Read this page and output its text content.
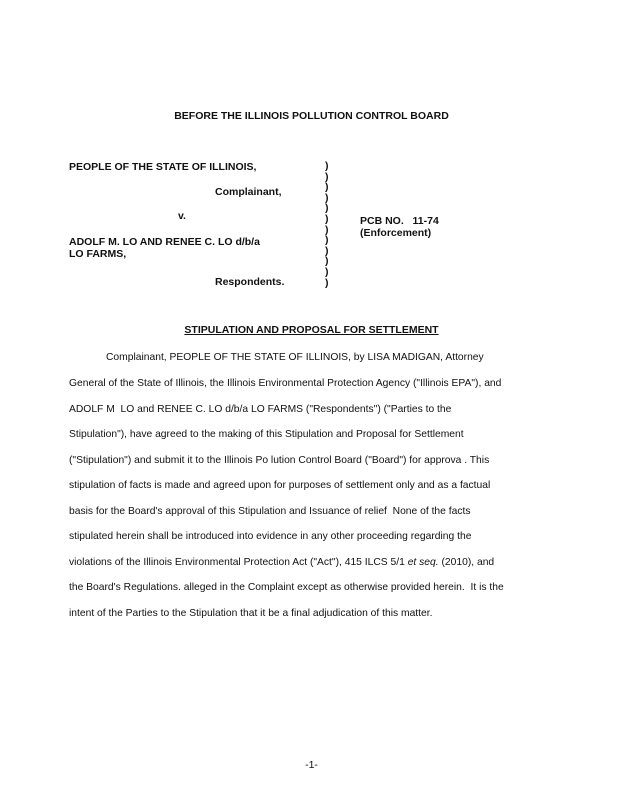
BEFORE THE ILLINOIS POLLUTION CONTROL BOARD
PEOPLE OF THE STATE OF ILLINOIS,
Complainant,
v.
ADOLF M. LO AND RENEE C. LO d/b/a
LO FARMS,
Respondents.
)
)
)
)
)
)
)
)
)
)
)
)
PCB NO.   11-74
(Enforcement)
STIPULATION AND PROPOSAL FOR SETTLEMENT
Complainant, PEOPLE OF THE STATE OF ILLINOIS, by LISA MADIGAN, Attorney
General of the State of Illinois, the Illinois Environmental Protection Agency ("Illinois EPA"), and
ADOLF M  LO and RENEE C. LO d/b/a LO FARMS ("Respondents") ("Parties to the
Stipulation"), have agreed to the making of this Stipulation and Proposal for Settlement
("Stipulation") and submit it to the Illinois Po lution Control Board ("Board") for approva . This
stipulation of facts is made and agreed upon for purposes of settlement only and as a factual
basis for the Board's approval of this Stipulation and Issuance of relief  None of the facts
stipulated herein shall be introduced into evidence in any other proceeding regarding the
violations of the Illinois Environmental Protection Act ("Act"), 415 ILCS 5/1 et seq. (2010), and
the Board's Regulations. alleged in the Complaint except as otherwise provided herein.  It is the
intent of the Parties to the Stipulation that it be a final adjudication of this matter.
-1-
